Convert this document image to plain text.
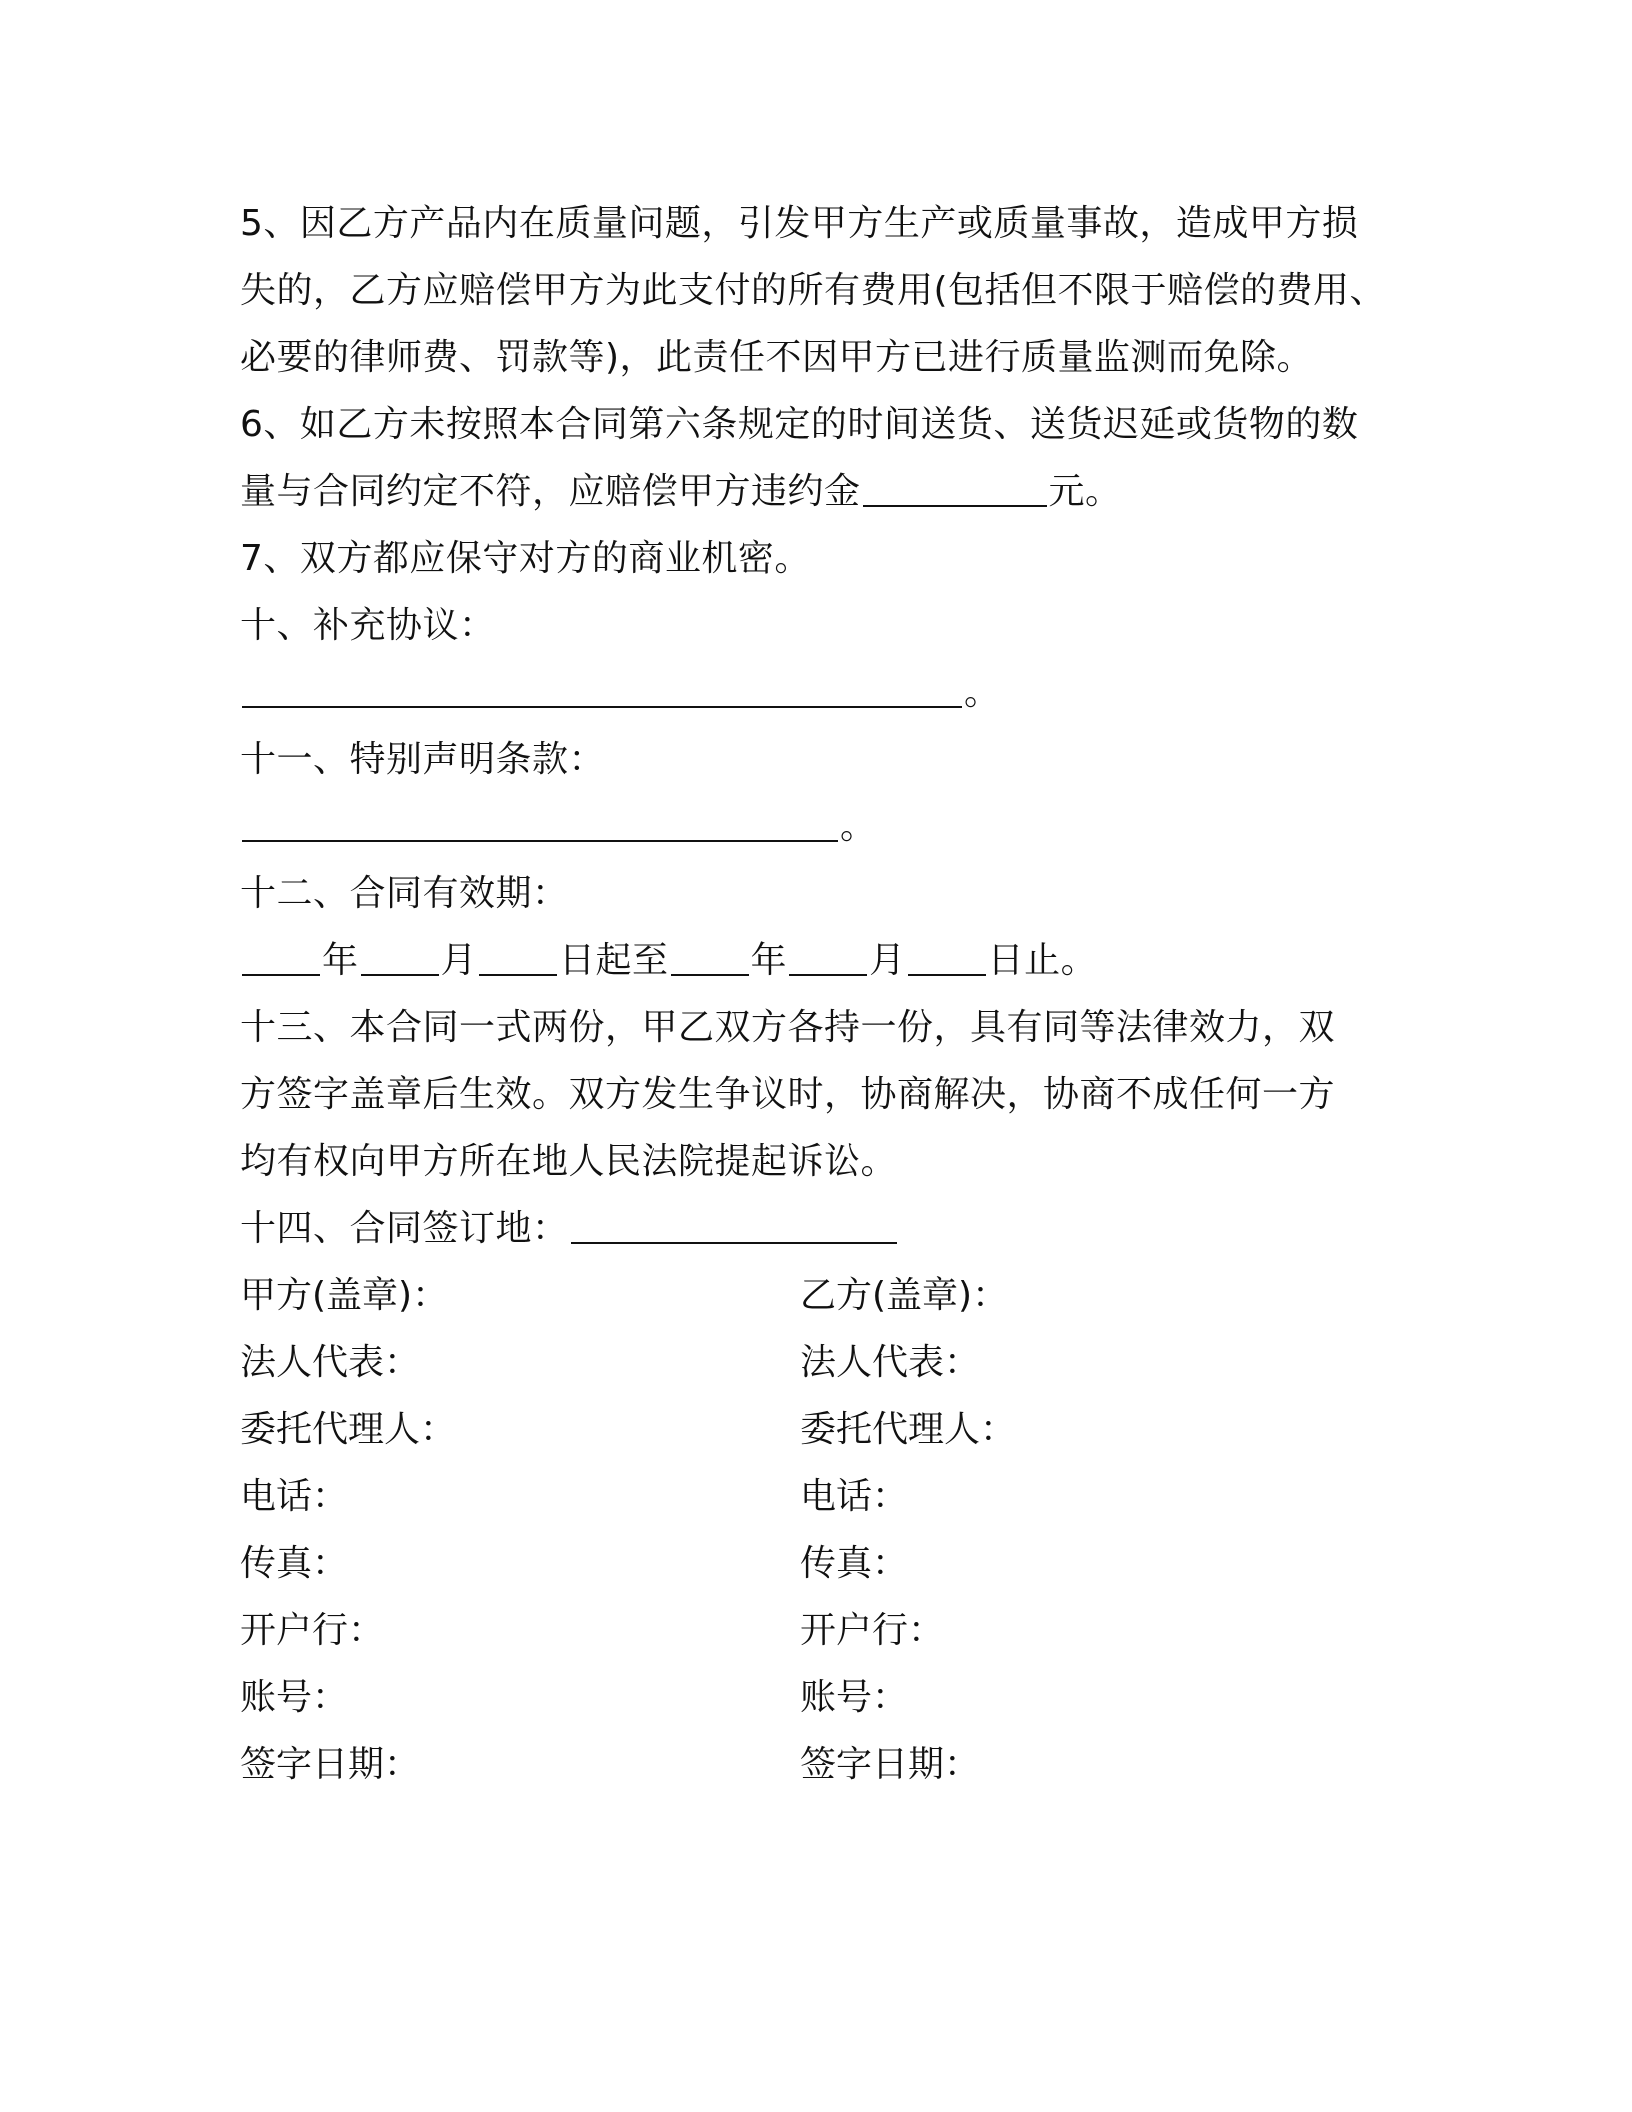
5、因乙方产品内在质量问题，引发甲方生产或质量事故，造成甲方损
失的，乙方应赔偿甲方为此支付的所有费用(包括但不限于赔偿的费用、
必要的律师费、罚款等)，此责任不因甲方已进行质量监测而免除。
6、如乙方未按照本合同第六条规定的时间送货、送货迟延或货物的数
量与合同约定不符，应赔偿甲方违约金	元。
7、双方都应保守对方的商业机密。
十、补充协议：
。
十一、特别声明条款：
。
十二、合同有效期：
年 月 日起至 年 月 日止。
十三、本合同一式两份，甲乙双方各持一份，具有同等法律效力，双
方签字盖章后生效。双方发生争议时，协商解决，协商不成任何一方
均有权向甲方所在地人民法院提起诉讼。
十四、合同签订地：
甲方(盖章)：	乙方(盖章)：
法人代表：	法人代表：
委托代理人：	委托代理人：
电话：	电话：
传真：	传真：
开户行：	开户行：
账号：	账号：
签字日期：	签字日期：
